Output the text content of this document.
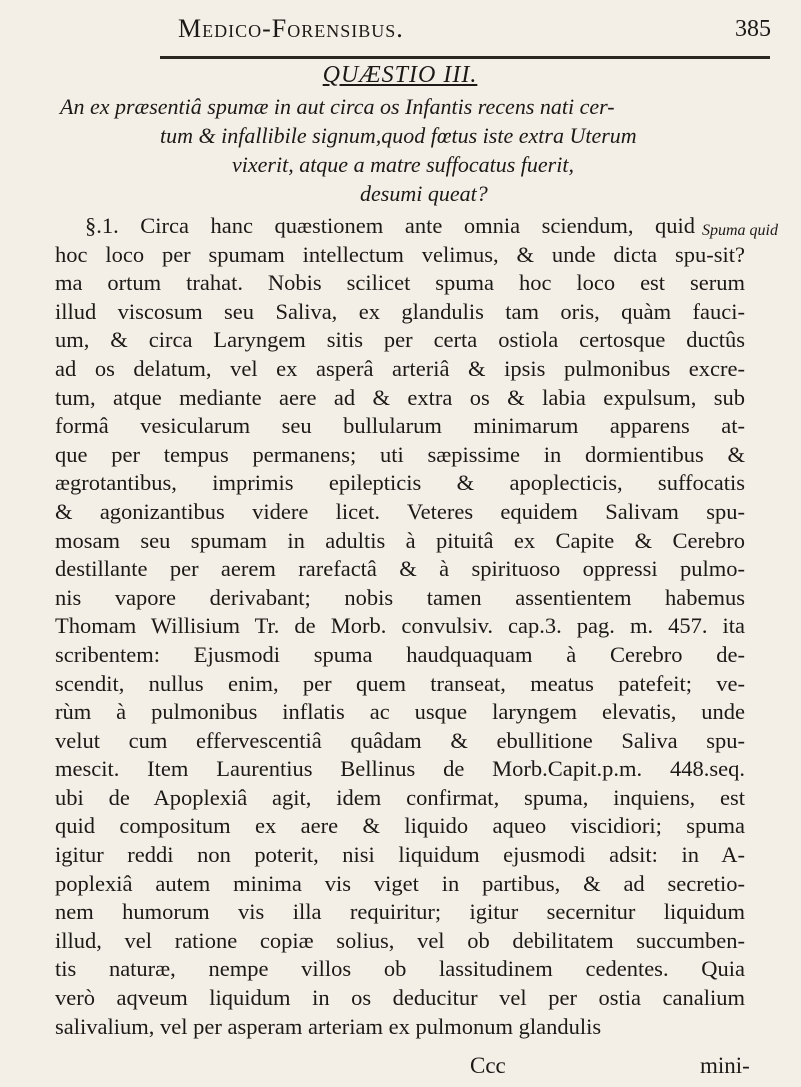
Medico-Forensibus.	385
QUÆSTIO III.
An ex præsentiâ spumæ in aut circa os Infantis recens nati cer-
tum & infallibile signum,quod fœtus iste extra Uterum
vixerit, atque a matre suffocatus fuerit,
desumi queat?
Spuma quid
§.1. Circa hanc quæstionem ante omnia sciendum, quid
hoc loco per spumam intellectum velimus, & unde dicta spu-sit?
ma ortum trahat. Nobis scilicet spuma hoc loco est serum
illud viscosum seu Saliva, ex glandulis tam oris, quàm fauci-
um, & circa Laryngem sitis per certa ostiola certosque ductûs
ad os delatum, vel ex asperâ arteriâ & ipsis pulmonibus excre-
tum, atque mediante aere ad & extra os & labia expulsum, sub
formâ vesicularum seu bullularum minimarum apparens at-
que per tempus permanens; uti sæpissime in dormientibus &
ægrotantibus, imprimis epilepticis & apoplecticis, suffocatis
& agonizantibus videre licet. Veteres equidem Salivam spu-
mosam seu spumam in adultis à pituitâ ex Capite & Cerebro
destillante per aerem rarefactâ & à spirituoso oppressi pulmo-
nis vapore derivabant; nobis tamen assentientem habemus
Thomam Willisium Tr. de Morb. convulsiv. cap.3. pag. m. 457. ita
scribentem: Ejusmodi spuma haudquaquam à Cerebro de-
scendit, nullus enim, per quem transeat, meatus patefeit; ve-
rùm à pulmonibus inflatis ac usque laryngem elevatis, unde
velut cum effervescentiâ quâdam & ebullitione Saliva spu-
mescit. Item Laurentius Bellinus de Morb.Capit.p.m. 448.seq.
ubi de Apoplexiâ agit, idem confirmat, spuma, inquiens, est
quid compositum ex aere & liquido aqueo viscidiori; spuma
igitur reddi non poterit, nisi liquidum ejusmodi adsit: in A-
poplexiâ autem minima vis viget in partibus, & ad secretio-
nem humorum vis illa requiritur; igitur secernitur liquidum
illud, vel ratione copiæ solius, vel ob debilitatem succumben-
tis naturæ, nempe villos ob lassitudinem cedentes. Quia
verò aqveum liquidum in os deducitur vel per ostia canalium
salivalium, vel per asperam arteriam ex pulmonum glandulis
Ccc	mini-
